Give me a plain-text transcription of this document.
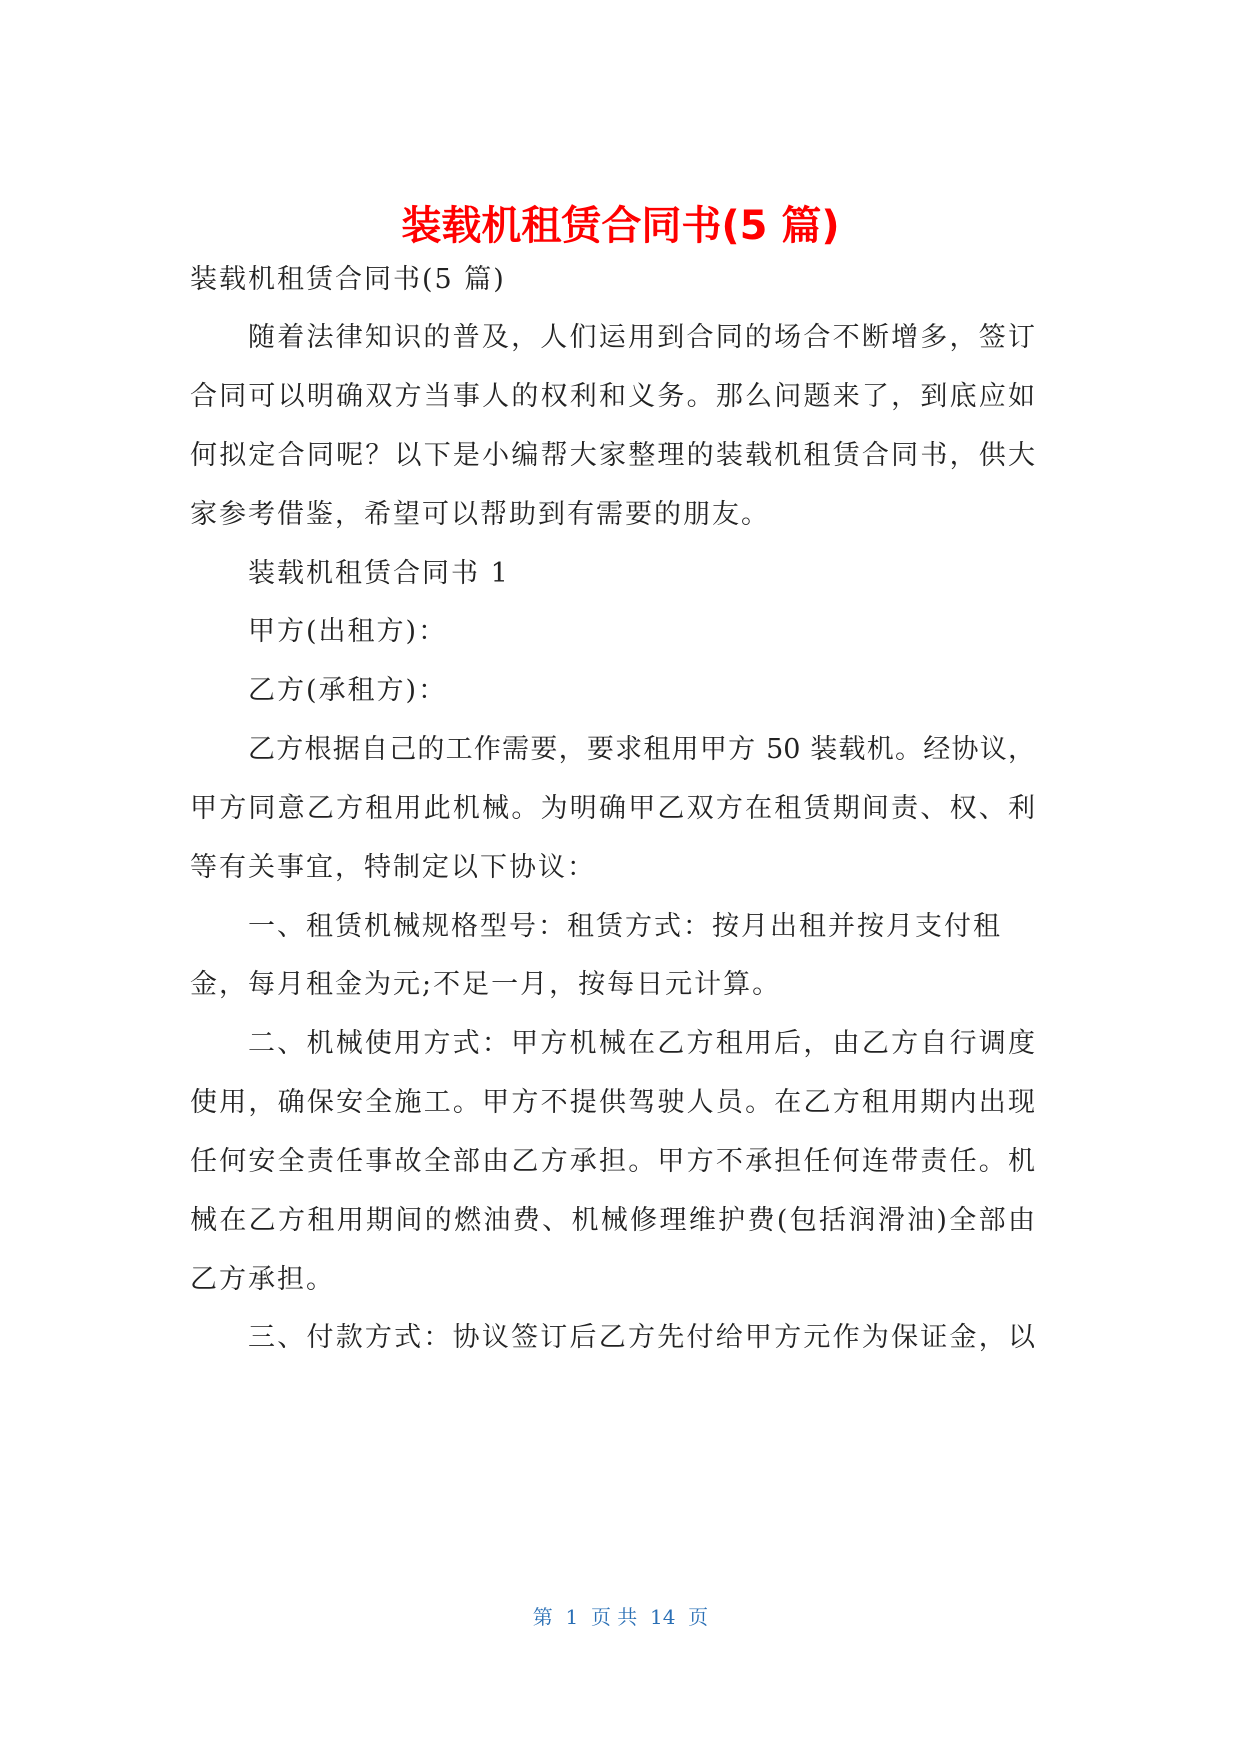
装载机租赁合同书(5 篇)
装载机租赁合同书(5 篇)
随着法律知识的普及，人们运用到合同的场合不断增多，签订
合同可以明确双方当事人的权利和义务。那么问题来了，到底应如
何拟定合同呢？以下是小编帮大家整理的装载机租赁合同书，供大
家参考借鉴，希望可以帮助到有需要的朋友。
装载机租赁合同书 1
甲方(出租方)：
乙方(承租方)：
乙方根据自己的工作需要，要求租用甲方 50 装载机。经协议，
甲方同意乙方租用此机械。为明确甲乙双方在租赁期间责、权、利
等有关事宜，特制定以下协议：
一、租赁机械规格型号：租赁方式：按月出租并按月支付租
金，每月租金为元;不足一月，按每日元计算。
二、机械使用方式：甲方机械在乙方租用后，由乙方自行调度
使用，确保安全施工。甲方不提供驾驶人员。在乙方租用期内出现
任何安全责任事故全部由乙方承担。甲方不承担任何连带责任。机
械在乙方租用期间的燃油费、机械修理维护费(包括润滑油)全部由
乙方承担。
三、付款方式：协议签订后乙方先付给甲方元作为保证金，以
第  1  页 共  14  页
